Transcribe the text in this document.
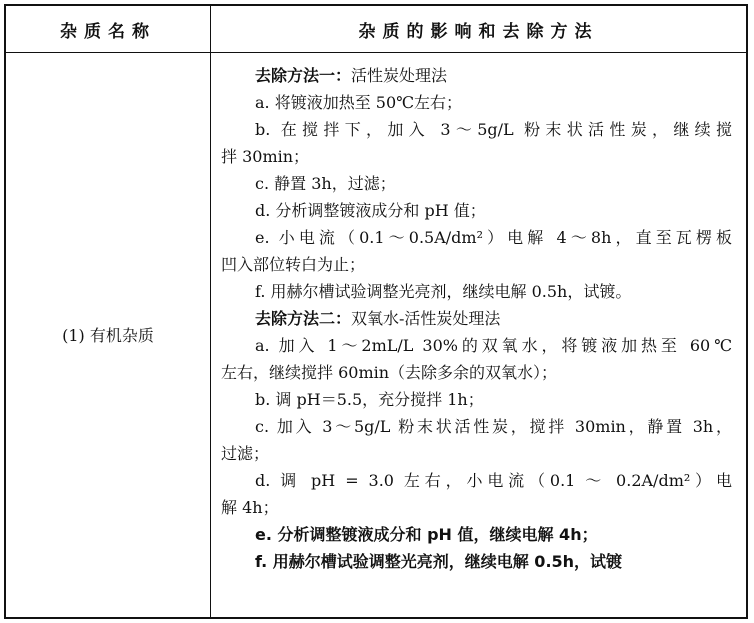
杂质名称	杂质的影响和去除方法
(1) 有机杂质
去除方法一：活性炭处理法
a. 将镀液加热至 50℃左右；
b. 在搅拌下，加入 3～5g/L 粉末状活性炭，继续搅
拌 30min；
c. 静置 3h，过滤；
d. 分析调整镀液成分和 pH 值；
e. 小电流（0.1～0.5A/dm²）电解 4～8h，直至瓦楞板
凹入部位转白为止；
f. 用赫尔槽试验调整光亮剂，继续电解 0.5h，试镀。
去除方法二：双氧水-活性炭处理法
a. 加入 1～2mL/L 30%的双氧水，将镀液加热至 60℃
左右，继续搅拌 60min（去除多余的双氧水）；
b. 调 pH＝5.5，充分搅拌 1h；
c. 加入 3～5g/L 粉末状活性炭，搅拌 30min，静置 3h，
过滤；
d. 调 pH = 3.0 左右，小电流（0.1 ～ 0.2A/dm²）电
解 4h；
e. 分析调整镀液成分和 pH 值，继续电解 4h；
f. 用赫尔槽试验调整光亮剂，继续电解 0.5h，试镀
